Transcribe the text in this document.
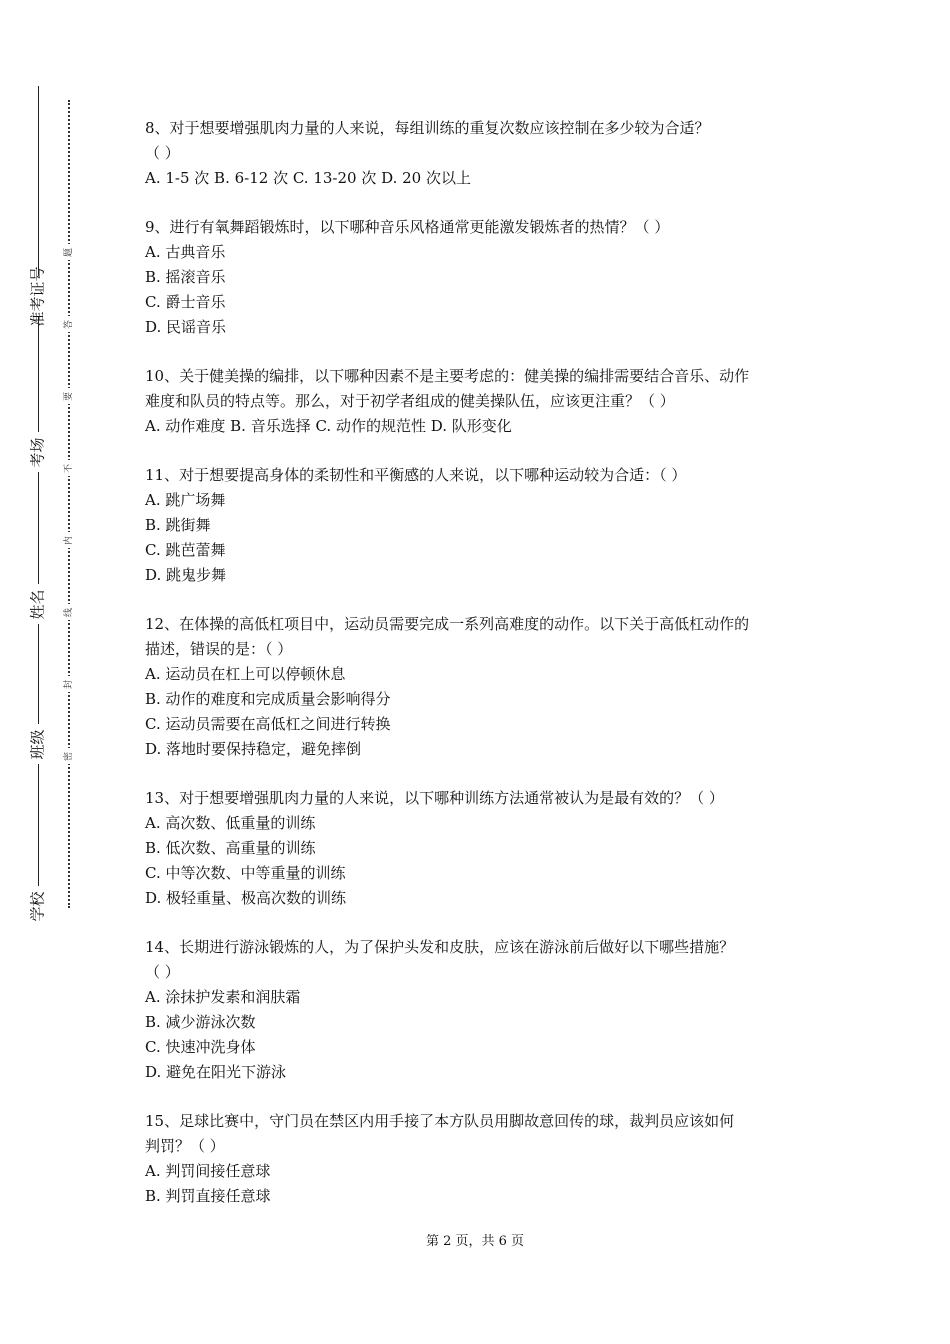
准考证号
考场
姓名
班级
学校
题
答
要
不
内
线
封
密
8、对于想要增强肌肉力量的人来说，每组训练的重复次数应该控制在多少较为合适？
（ ）
A. 1-5 次 B. 6-12 次 C. 13-20 次 D. 20 次以上
9、进行有氧舞蹈锻炼时，以下哪种音乐风格通常更能激发锻炼者的热情？（ ）
A. 古典音乐
B. 摇滚音乐
C. 爵士音乐
D. 民谣音乐
10、关于健美操的编排，以下哪种因素不是主要考虑的：健美操的编排需要结合音乐、动作
难度和队员的特点等。那么，对于初学者组成的健美操队伍，应该更注重？（ ）
A. 动作难度 B. 音乐选择 C. 动作的规范性 D. 队形变化
11、对于想要提高身体的柔韧性和平衡感的人来说，以下哪种运动较为合适：（ ）
A. 跳广场舞
B. 跳街舞
C. 跳芭蕾舞
D. 跳鬼步舞
12、在体操的高低杠项目中，运动员需要完成一系列高难度的动作。以下关于高低杠动作的
描述，错误的是：（ ）
A. 运动员在杠上可以停顿休息
B. 动作的难度和完成质量会影响得分
C. 运动员需要在高低杠之间进行转换
D. 落地时要保持稳定，避免摔倒
13、对于想要增强肌肉力量的人来说，以下哪种训练方法通常被认为是最有效的？（ ）
A. 高次数、低重量的训练
B. 低次数、高重量的训练
C. 中等次数、中等重量的训练
D. 极轻重量、极高次数的训练
14、长期进行游泳锻炼的人，为了保护头发和皮肤，应该在游泳前后做好以下哪些措施？
（ ）
A. 涂抹护发素和润肤霜
B. 减少游泳次数
C. 快速冲洗身体
D. 避免在阳光下游泳
15、足球比赛中，守门员在禁区内用手接了本方队员用脚故意回传的球，裁判员应该如何
判罚？（ ）
A. 判罚间接任意球
B. 判罚直接任意球
第 2 页，共 6 页
